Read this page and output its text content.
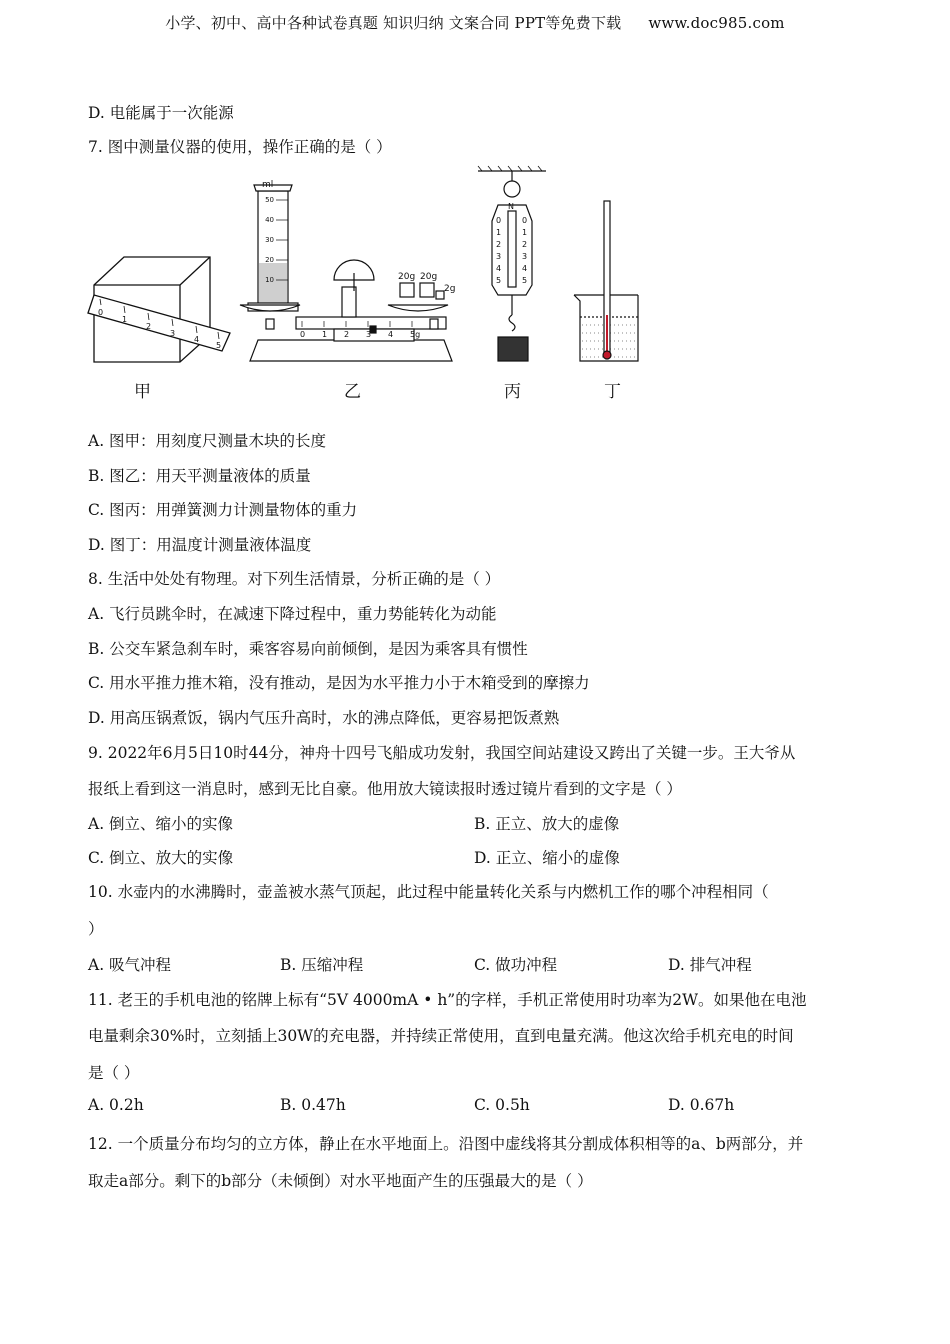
小学、初中、高中各种试卷真题 知识归纳 文案合同 PPT等免费下载 www.doc985.com
D. 电能属于一次能源
7. 图中测量仪器的使用，操作正确的是（ ）
0
1
2
3
4
5
ml
50
40
30
20
10	20g 20g
2g
0 1 2 3 4 5g
N
0
1
2
3
4
5
0
1
2
3
4
5
甲	乙	丙	丁
A. 图甲：用刻度尺测量木块的长度
B. 图乙：用天平测量液体的质量
C. 图丙：用弹簧测力计测量物体的重力
D. 图丁：用温度计测量液体温度
8. 生活中处处有物理。对下列生活情景，分析正确的是（ ）
A. 飞行员跳伞时，在减速下降过程中，重力势能转化为动能
B. 公交车紧急刹车时，乘客容易向前倾倒，是因为乘客具有惯性
C. 用水平推力推木箱，没有推动，是因为水平推力小于木箱受到的摩擦力
D. 用高压锅煮饭，锅内气压升高时，水的沸点降低，更容易把饭煮熟
9. 2022年6月5日10时44分，神舟十四号飞船成功发射，我国空间站建设又跨出了关键一步。王大爷从
报纸上看到这一消息时，感到无比自豪。他用放大镜读报时透过镜片看到的文字是（ ）
A. 倒立、缩小的实像	B. 正立、放大的虚像
C. 倒立、放大的实像	D. 正立、缩小的虚像
10. 水壶内的水沸腾时，壶盖被水蒸气顶起，此过程中能量转化关系与内燃机工作的哪个冲程相同（
）
A. 吸气冲程	B. 压缩冲程	C. 做功冲程	D. 排气冲程
11. 老王的手机电池的铭牌上标有“5V 4000mA • h”的字样，手机正常使用时功率为2W。如果他在电池
电量剩余30%时，立刻插上30W的充电器，并持续正常使用，直到电量充满。他这次给手机充电的时间
是（ ）
A. 0.2h	B. 0.47h	C. 0.5h	D. 0.67h
12. 一个质量分布均匀的立方体，静止在水平地面上。沿图中虚线将其分割成体积相等的a、b两部分，并
取走a部分。剩下的b部分（未倾倒）对水平地面产生的压强最大的是（ ）
